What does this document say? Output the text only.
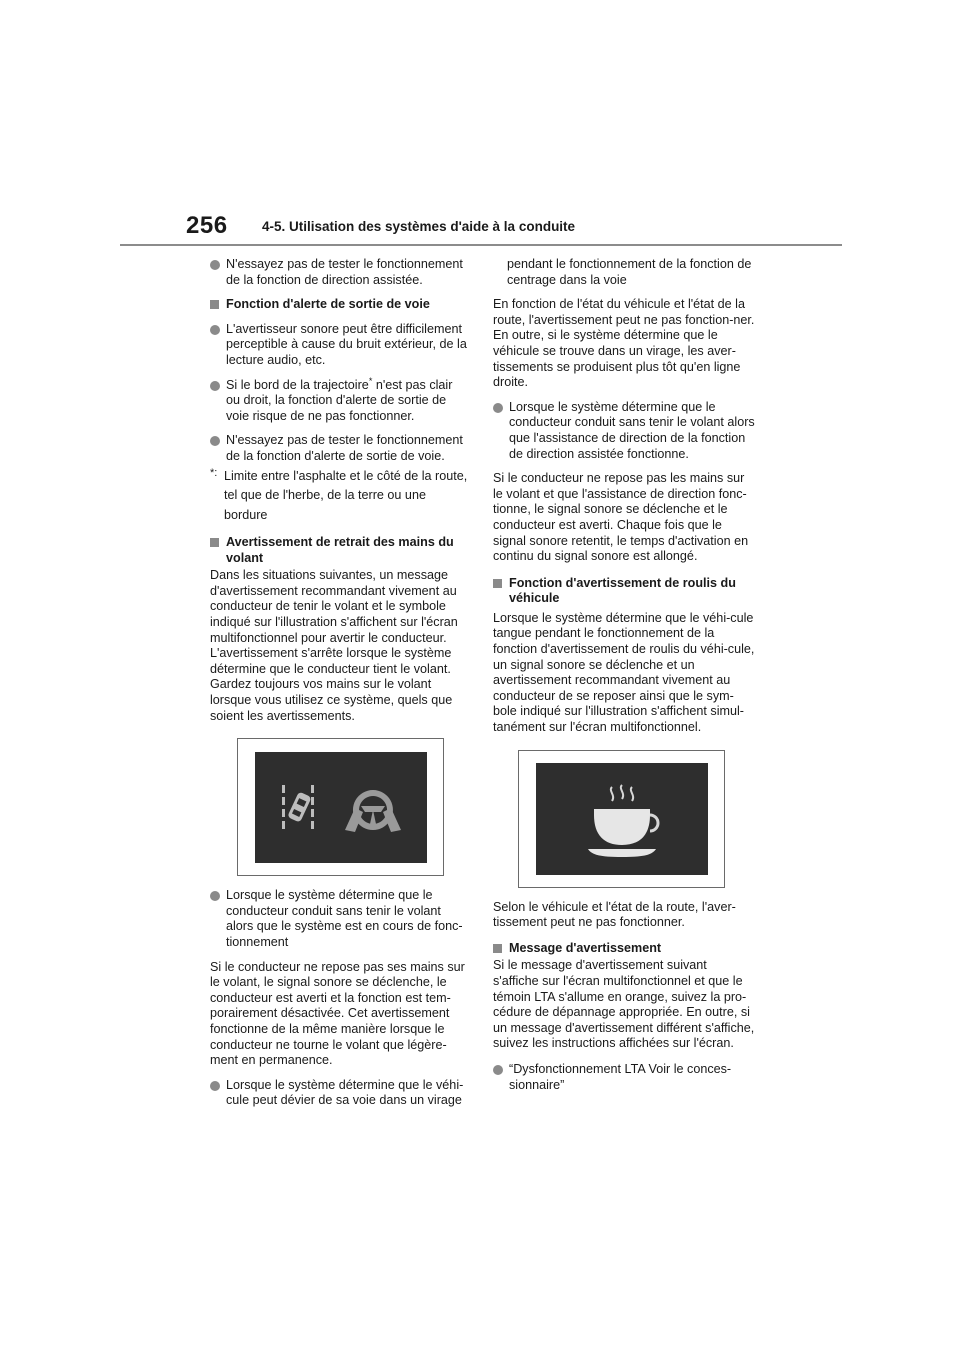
256	4-5. Utilisation des systèmes d'aide à la conduite
N'essayez pas de tester le fonctionnement de la fonction de direction assistée.
Fonction d'alerte de sortie de voie
L'avertisseur sonore peut être difficilement perceptible à cause du bruit extérieur, de la lecture audio, etc.
Si le bord de la trajectoire* n'est pas clair ou droit, la fonction d'alerte de sortie de voie risque de ne pas fonctionner.
N'essayez pas de tester le fonctionnement de la fonction d'alerte de sortie de voie.
*: Limite entre l'asphalte et le côté de la route, tel que de l'herbe, de la terre ou une bordure
Avertissement de retrait des mains du volant
Dans les situations suivantes, un message d'avertissement recommandant vivement au conducteur de tenir le volant et le symbole indiqué sur l'illustration s'affichent sur l'écran multifonctionnel pour avertir le conducteur. L'avertissement s'arrête lorsque le système détermine que le conducteur tient le volant. Gardez toujours vos mains sur le volant lorsque vous utilisez ce système, quels que soient les avertissements.
Lorsque le système détermine que le conducteur conduit sans tenir le volant alors que le système est en cours de fonc-tionnement
Si le conducteur ne repose pas ses mains sur le volant, le signal sonore se déclenche, le conducteur est averti et la fonction est tem-porairement désactivée. Cet avertissement fonctionne de la même manière lorsque le conducteur ne tourne le volant que légère-ment en permanence.
Lorsque le système détermine que le véhi-cule peut dévier de sa voie dans un virage
pendant le fonctionnement de la fonction de centrage dans la voie
En fonction de l'état du véhicule et l'état de la route, l'avertissement peut ne pas fonction-ner. En outre, si le système détermine que le véhicule se trouve dans un virage, les aver-tissements se produisent plus tôt qu'en ligne droite.
Lorsque le système détermine que le conducteur conduit sans tenir le volant alors que l'assistance de direction de la fonction de direction assistée fonctionne.
Si le conducteur ne repose pas les mains sur le volant et que l'assistance de direction fonc-tionne, le signal sonore se déclenche et le conducteur est averti. Chaque fois que le signal sonore retentit, le temps d'activation en continu du signal sonore est allongé.
Fonction d'avertissement de roulis du véhicule
Lorsque le système détermine que le véhi-cule tangue pendant le fonctionnement de la fonction d'avertissement de roulis du véhi-cule, un signal sonore se déclenche et un avertissement recommandant vivement au conducteur de se reposer ainsi que le sym-bole indiqué sur l'illustration s'affichent simul-tanément sur l'écran multifonctionnel.
Selon le véhicule et l'état de la route, l'aver-tissement peut ne pas fonctionner.
Message d'avertissement
Si le message d'avertissement suivant s'affiche sur l'écran multifonctionnel et que le témoin LTA s'allume en orange, suivez la pro-cédure de dépannage appropriée. En outre, si un message d'avertissement différent s'affiche, suivez les instructions affichées sur l'écran.
“Dysfonctionnement LTA Voir le conces-sionnaire”
